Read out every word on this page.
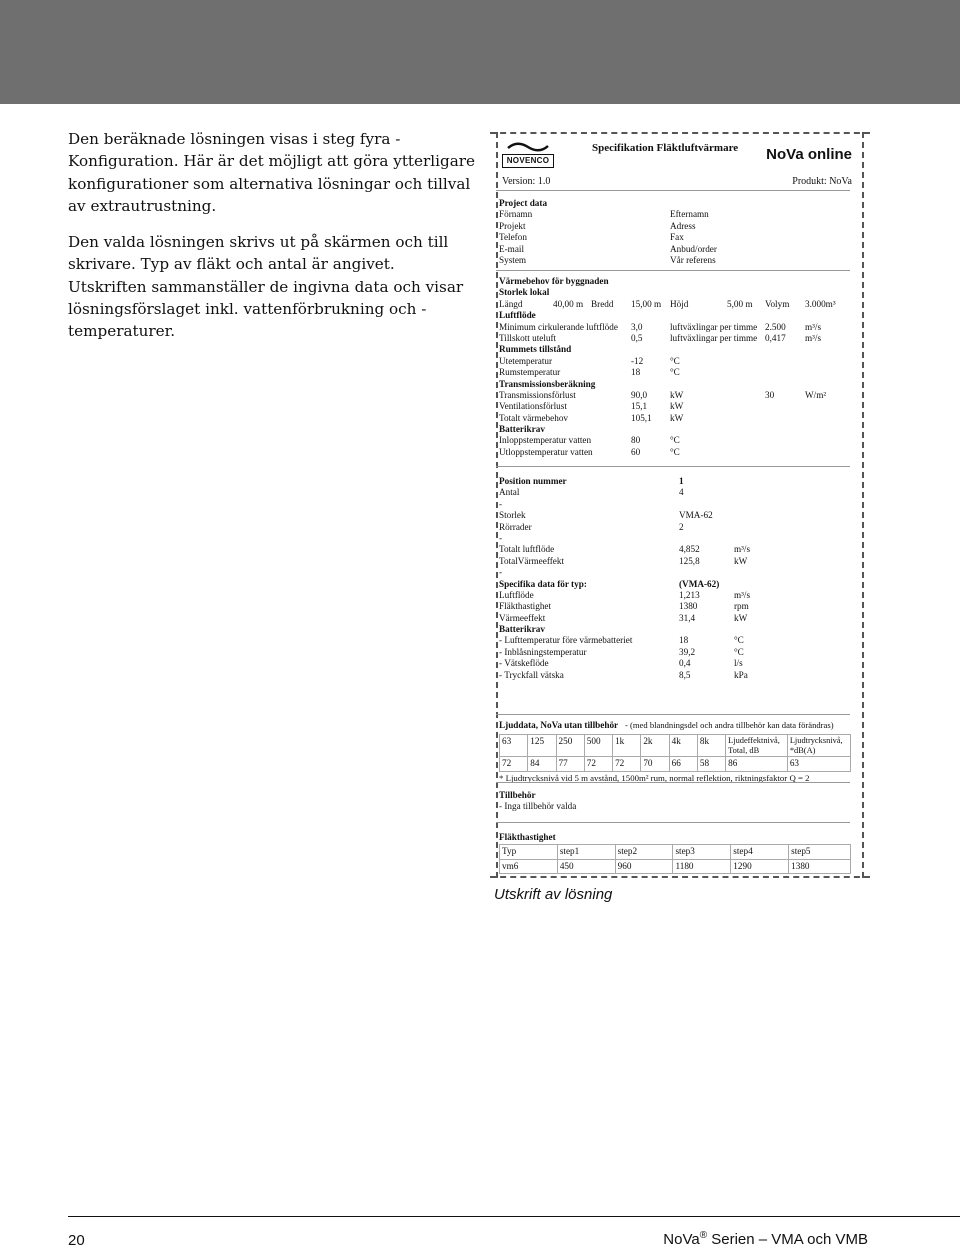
Den beräknade lösningen visas i steg fyra - Konfiguration. Här är det möjligt att göra ytterligare konfigurationer som alternativa lösningar och tillval av extrautrustning.

Den valda lösningen skrivs ut på skärmen och till skrivare. Typ av fläkt och antal är angivet. Utskriften sammanställer de ingivna data och visar lösningsförslaget inkl. vattenförbrukning och - temperaturer.

NOVENCO
Specifikation Fläktluftvärmare NoVa online
Version: 1.0	Produkt: NoVa
Project data
Förnamn	Efternamn
Projekt	Adress
Telefon	Fax
E-mail	Anbud/order
System	Vår referens
Värmebehov för byggnaden
Storlek lokal
Längd	40,00 m Bredd 15,00 m Höjd	5,00 m Volym 3.000m³
Luftflöde
Minimum cirkulerande luftflöde 3,0	luftväxlingar per timme 2.500 m³/s
Tillskott uteluft	0,5	luftväxlingar per timme 0,417 m³/s
Rummets tillstånd
Utetemperatur	-12	°C
Rumstemperatur	18	°C
Transmissionsberäkning
Transmissionsförlust	90,0 kW	30	W/m²
Ventilationsförlust	15,1 kW
Totalt värmebehov	105,1 kW
Batterikrav
Inloppstemperatur vatten	80	°C
Utloppstemperatur vatten	60	°C
Position nummer	1
Antal	4
-
Storlek	VMA-62
Rörrader	2
-
Totalt luftflöde	4,852	m³/s
TotalVärmeeffekt	125,8	kW
-
Specifika data för typ:	(VMA-62)
Luftflöde	1,213	m³/s
Fläkthastighet	1380	rpm
Värmeeffekt	31,4	kW
Batterikrav
- Lufttemperatur före värmebatteriet	18	°C
- Inblåsningstemperatur	39,2	°C
- Vätskeflöde	0,4	l/s
- Tryckfall vätska	8,5	kPa
Ljuddata, NoVa utan tillbehör - (med blandningsdel och andra tillbehör kan data förändras)
63	125	250	500	1k	2k	4k	8k	Ljudeffektnivå, Total, dB	Ljudtrycksnivå, *dB(A)
72	84	77	72	72	70	66	58	86	63
* Ljudtrycksnivå vid 5 m avstånd, 1500m² rum, normal reflektion, riktningsfaktor Q = 2
Tillbehör
- Inga tillbehör valda
Fläkthastighet
Typ	step1	step2	step3	step4	step5
vm6	450	960	1180	1290	1380
Utskrift av lösning
20	NoVa® Serien – VMA och VMB
